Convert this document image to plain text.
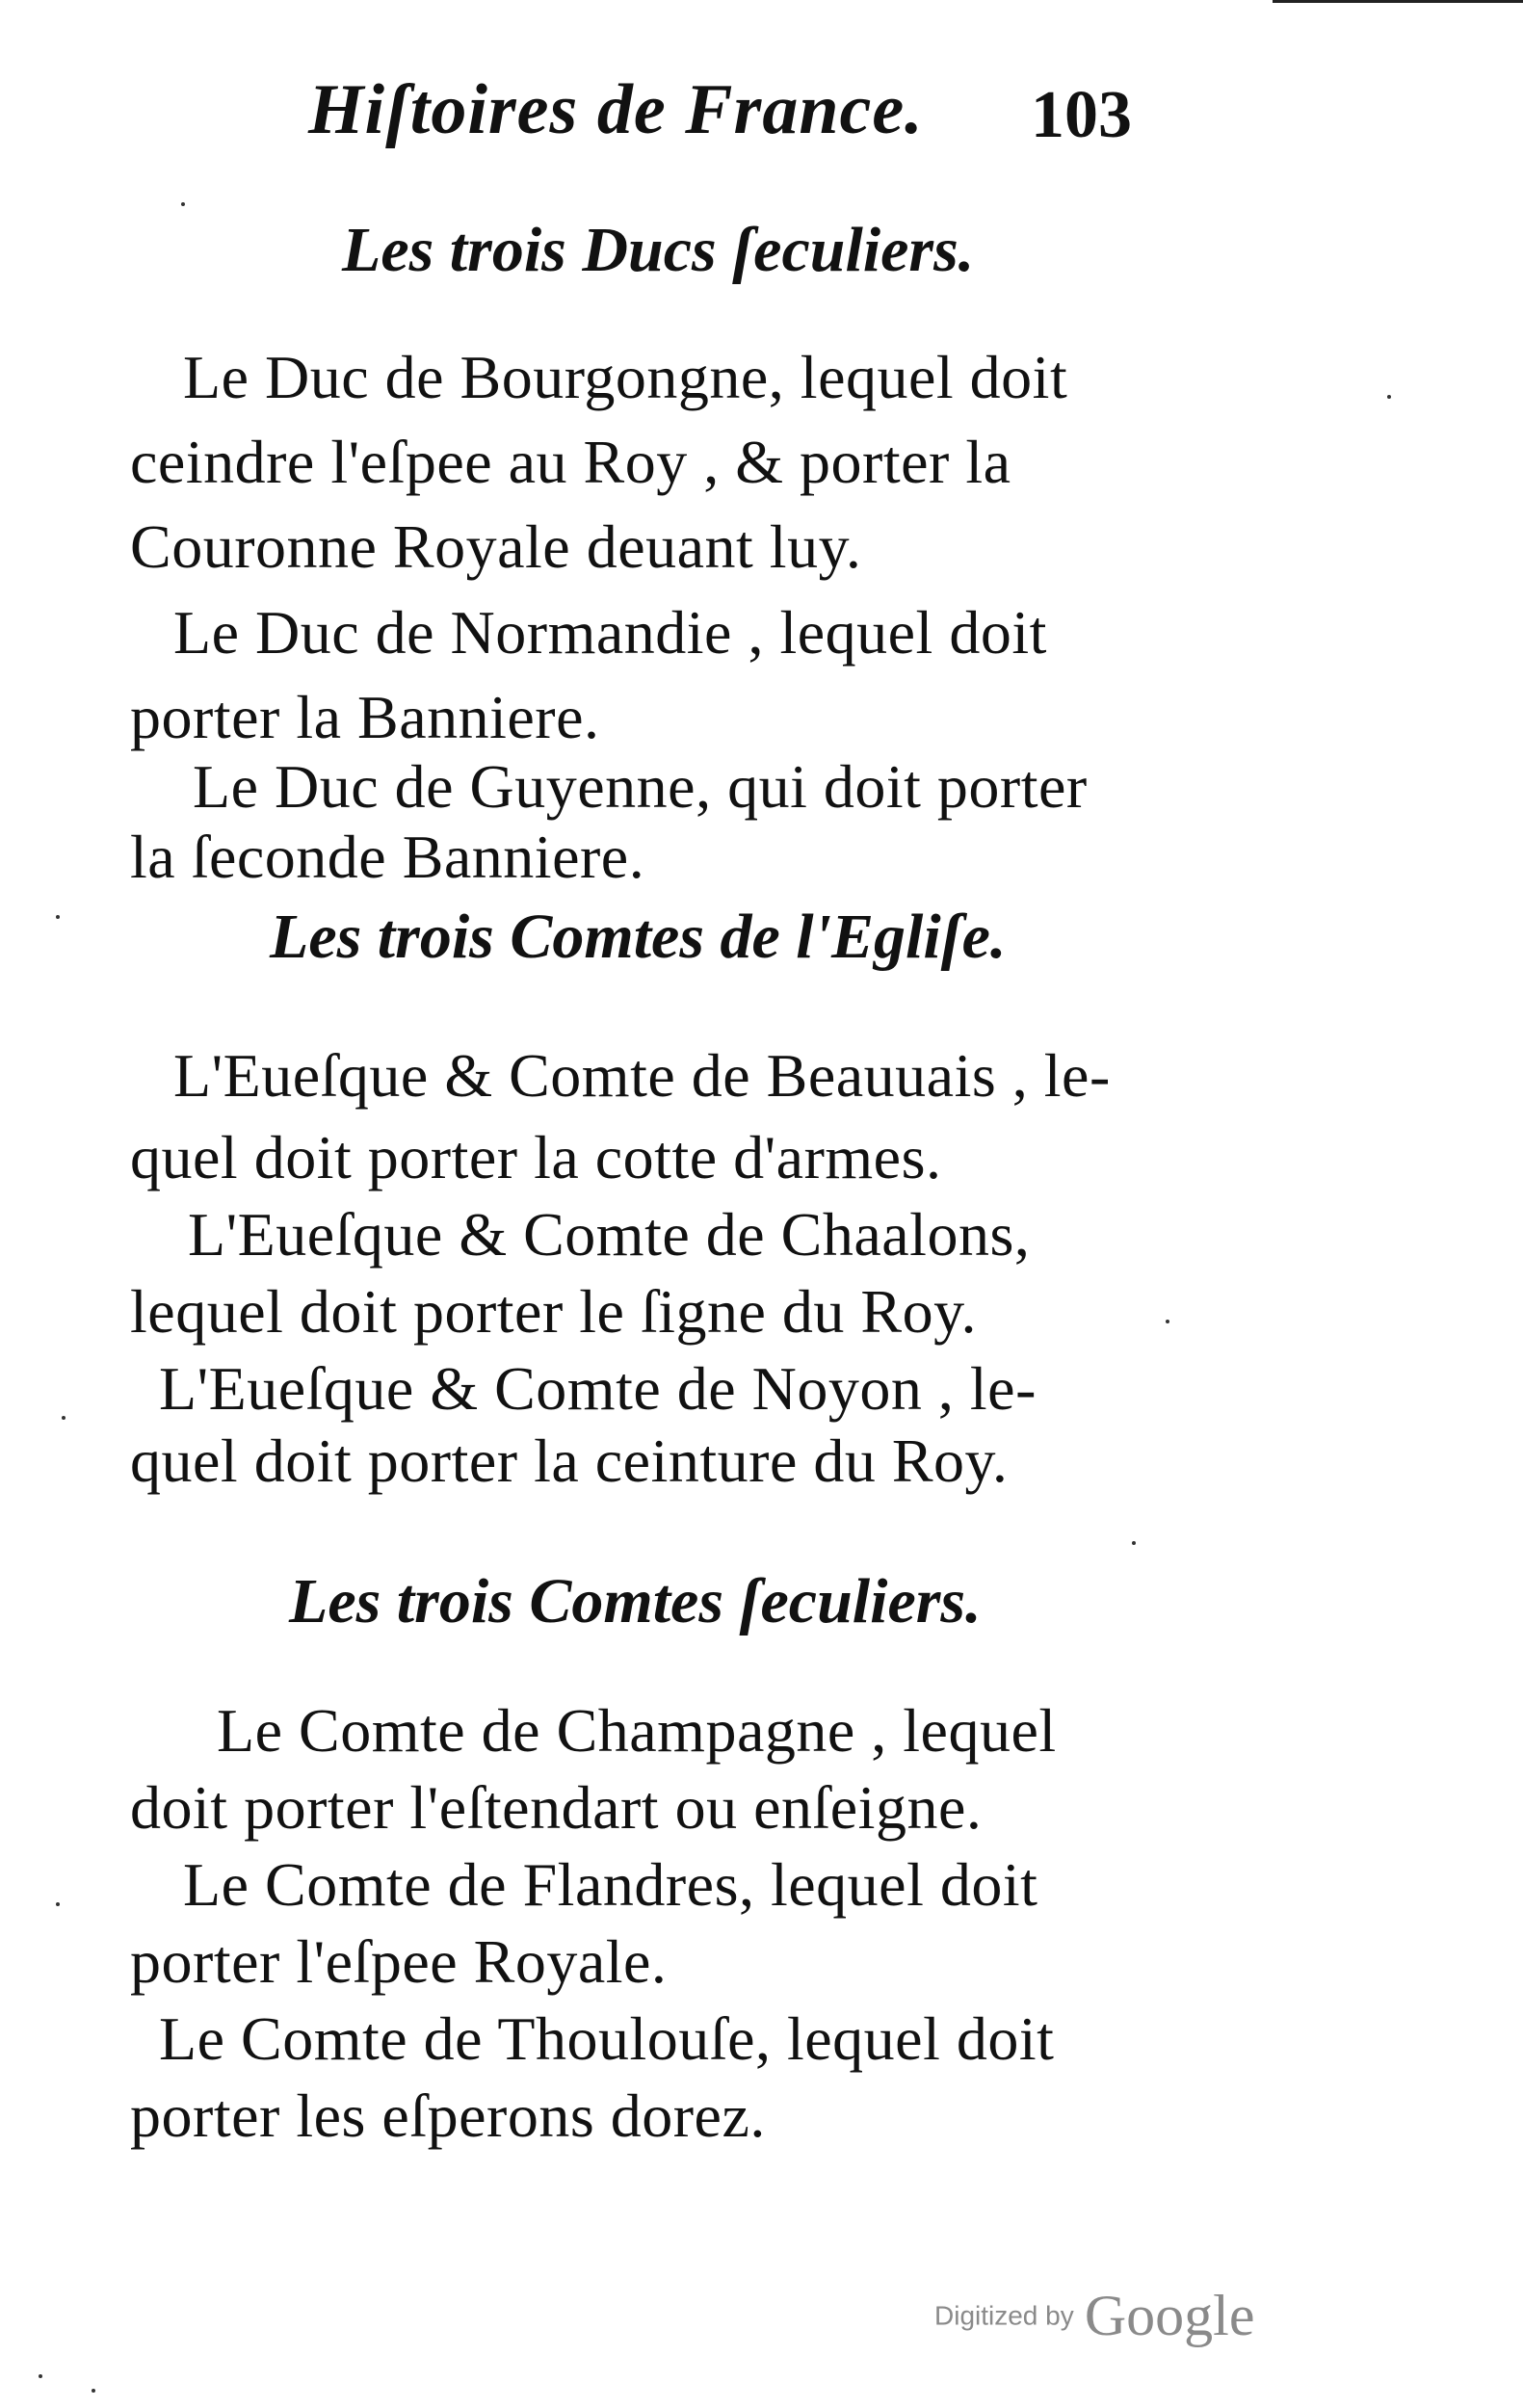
Hiſtoires de France. 103
Les trois Ducs ſeculiers.
Le Duc de Bourgongne, lequel doit
ceindre l'eſpee au Roy , & porter la
Couronne Royale deuant luy.
Le Duc de Normandie , lequel doit
porter la Banniere.
Le Duc de Guyenne, qui doit porter
la ſeconde Banniere.
Les trois Comtes de l'Egliſe.
L'Eueſque & Comte de Beauuais , le-
quel doit porter la cotte d'armes.
L'Eueſque & Comte de Chaalons,
lequel doit porter le ſigne du Roy.
L'Eueſque & Comte de Noyon , le-
quel doit porter la ceinture du Roy.
Les trois Comtes ſeculiers.
Le Comte de Champagne , lequel
doit porter l'eſtendart ou enſeigne.
Le Comte de Flandres, lequel doit
porter l'eſpee Royale.
Le Comte de Thoulouſe, lequel doit
porter les eſperons dorez.
Digitized by Google
